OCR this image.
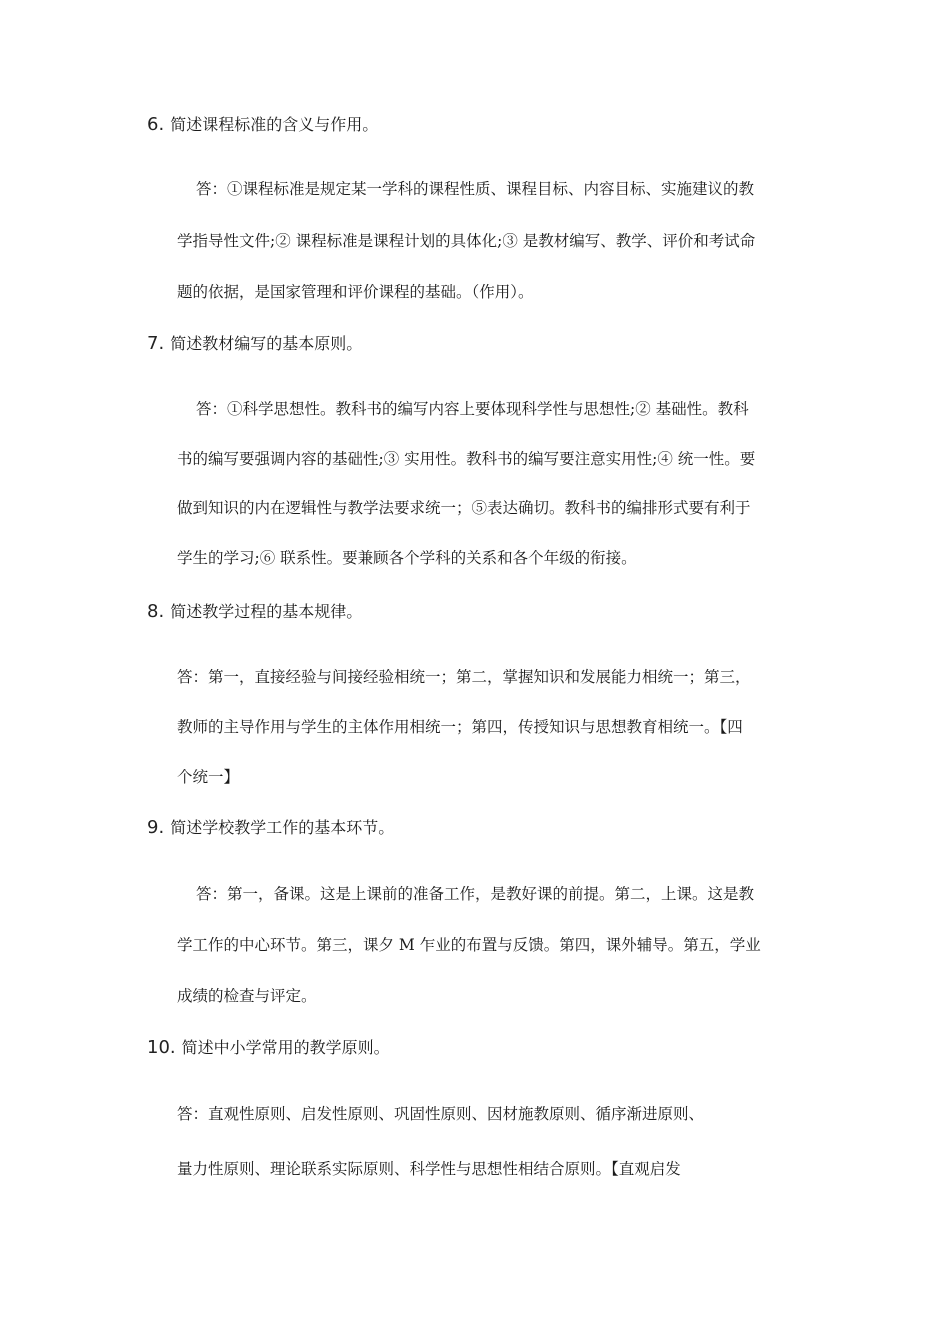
6. 简述课程标准的含义与作用。
答：①课程标准是规定某一学科的课程性质、课程目标、内容目标、实施建议的教
学指导性文件;② 课程标准是课程计划的具体化;③ 是教材编写、教学、评价和考试命
题的依据，是国家管理和评价课程的基础。（作用）。
7. 简述教材编写的基本原则。
答：①科学思想性。教科书的编写内容上要体现科学性与思想性;② 基础性。教科
书的编写要强调内容的基础性;③ 实用性。教科书的编写要注意实用性;④ 统一性。要
做到知识的内在逻辑性与教学法要求统一；⑤表达确切。教科书的编排形式要有利于
学生的学习;⑥ 联系性。要兼顾各个学科的关系和各个年级的衔接。
8. 简述教学过程的基本规律。
答：第一，直接经验与间接经验相统一；第二，掌握知识和发展能力相统一；第三，
教师的主导作用与学生的主体作用相统一；第四，传授知识与思想教育相统一。【四
个统一】
9. 简述学校教学工作的基本环节。
答：第一，备课。这是上课前的准备工作，是教好课的前提。第二，上课。这是教
学工作的中心环节。第三，课夕 M 乍业的布置与反馈。第四，课外辅导。第五，学业
成绩的检查与评定。
10. 简述中小学常用的教学原则。
答：直观性原则、启发性原则、巩固性原则、因材施教原则、循序渐进原则、
量力性原则、理论联系实际原则、科学性与思想性相结合原则。【直观启发
